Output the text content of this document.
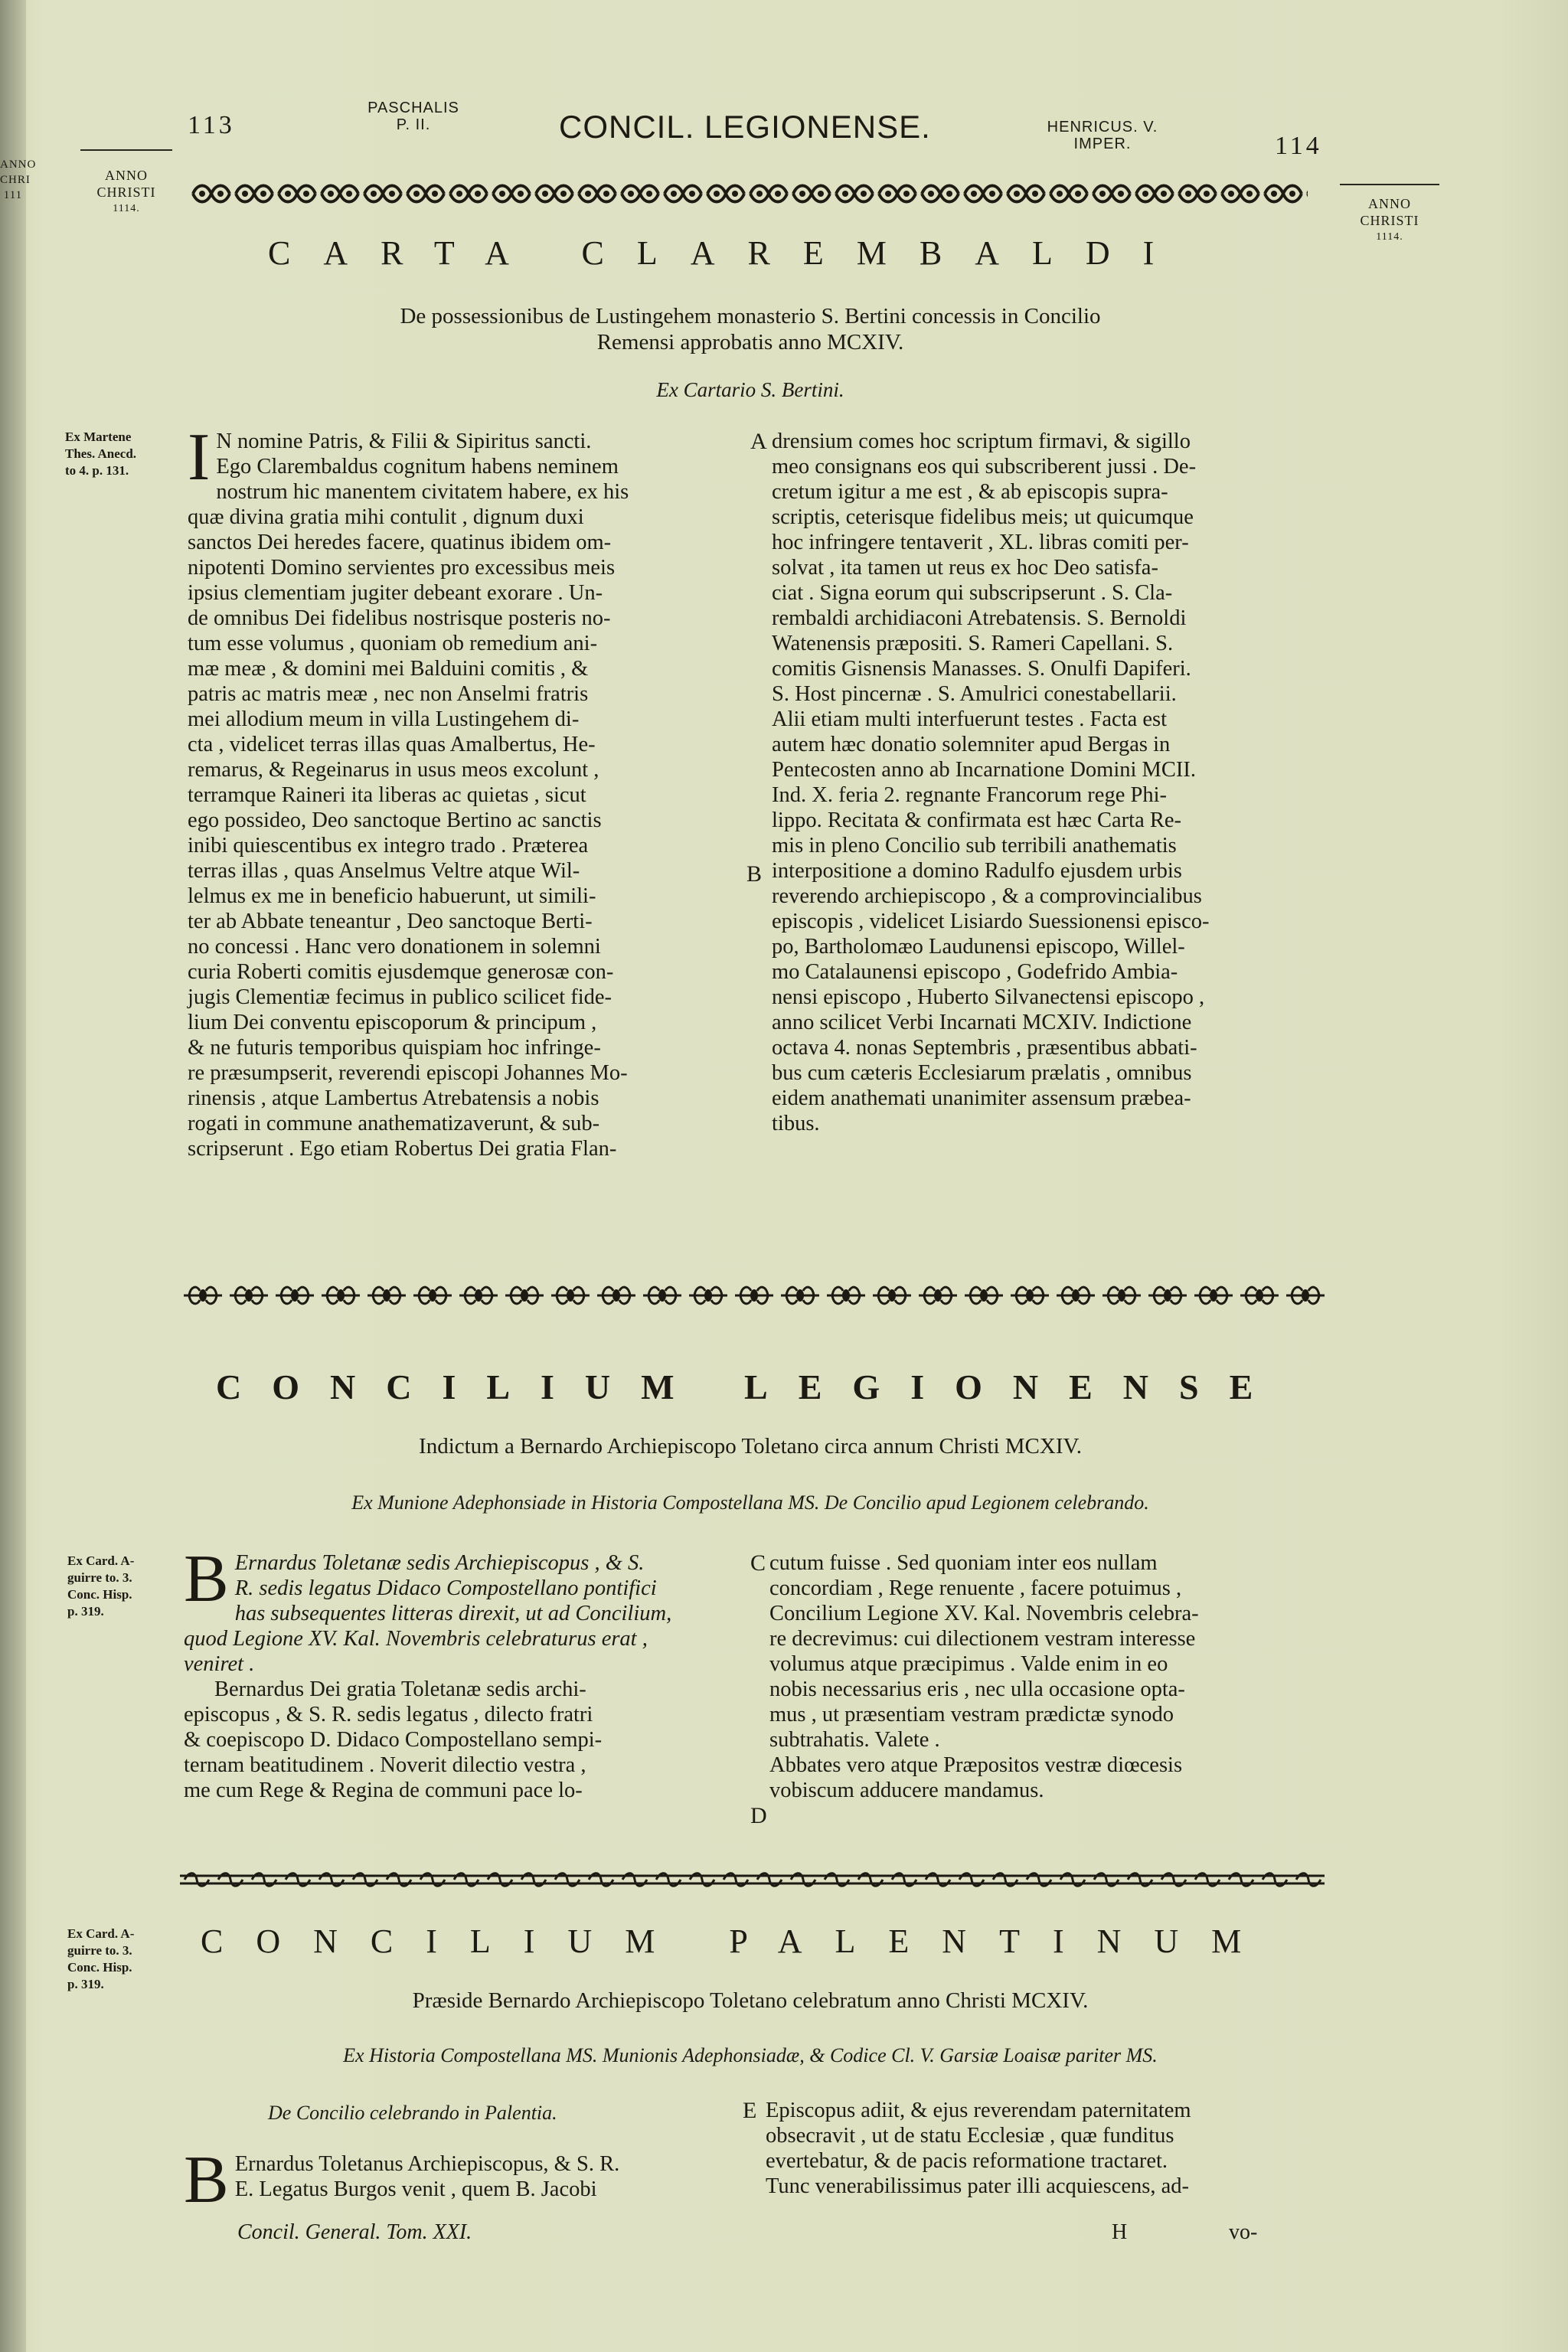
ANNO
CHRI
111
113
PASCHALIS
P. II.	CONCIL. LEGIONENSE.	HENRICUS. V.
IMPER.	114
ANNO
CHRISTI
1114.	ANNO
CHRISTI
1114.
CARTA CLAREMBALDI
De possessionibus de Lustingehem monasterio S. Bertini concessis in Concilio
Remensi approbatis anno MCXIV.
Ex Cartario S. Bertini.
Ex Martene
Thes. Anecd.
to 4. p. 131. I N nomine Patris, & Filii & Sipiritus sancti.
Ego Clarembaldus cognitum habens neminem
nostrum hic manentem civitatem habere, ex his
quæ divina gratia mihi contulit , dignum duxi
sanctos Dei heredes facere, quatinus ibidem om-
nipotenti Domino servientes pro excessibus meis
ipsius clementiam jugiter debeant exorare . Un-
de omnibus Dei fidelibus nostrisque posteris no-
tum esse volumus , quoniam ob remedium ani-
mæ meæ , & domini mei Balduini comitis , &
patris ac matris meæ , nec non Anselmi fratris
mei allodium meum in villa Lustingehem di-
cta , videlicet terras illas quas Amalbertus, He-
remarus, & Regeinarus in usus meos excolunt ,
terramque Raineri ita liberas ac quietas , sicut
ego possideo, Deo sanctoque Bertino ac sanctis
inibi quiescentibus ex integro trado . Præterea
terras illas , quas Anselmus Veltre atque Wil-
lelmus ex me in beneficio habuerunt, ut simili-
ter ab Abbate teneantur , Deo sanctoque Berti-
no concessi . Hanc vero donationem in solemni
curia Roberti comitis ejusdemque generosæ con-
jugis Clementiæ fecimus in publico scilicet fide-
lium Dei conventu episcoporum & principum ,
& ne futuris temporibus quispiam hoc infringe-
re præsumpserit, reverendi episcopi Johannes Mo-
rinensis , atque Lambertus Atrebatensis a nobis
rogati in commune anathematizaverunt, & sub-
scripserunt . Ego etiam Robertus Dei gratia Flan-
A
B
drensium comes hoc scriptum firmavi, & sigillo
meo consignans eos qui subscriberent jussi . De-
cretum igitur a me est , & ab episcopis supra-
scriptis, ceterisque fidelibus meis; ut quicumque
hoc infringere tentaverit , XL. libras comiti per-
solvat , ita tamen ut reus ex hoc Deo satisfa-
ciat . Signa eorum qui subscripserunt . S. Cla-
rembaldi archidiaconi Atrebatensis. S. Bernoldi
Watenensis præpositi. S. Rameri Capellani. S.
comitis Gisnensis Manasses. S. Onulfi Dapiferi.
S. Host pincernæ . S. Amulrici conestabellarii.
Alii etiam multi interfuerunt testes . Facta est
autem hæc donatio solemniter apud Bergas in
Pentecosten anno ab Incarnatione Domini MCII.
Ind. X. feria 2. regnante Francorum rege Phi-
lippo. Recitata & confirmata est hæc Carta Re-
mis in pleno Concilio sub terribili anathematis
interpositione a domino Radulfo ejusdem urbis
reverendo archiepiscopo , & a comprovincialibus
episcopis , videlicet Lisiardo Suessionensi episco-
po, Bartholomæo Laudunensi episcopo, Willel-
mo Catalaunensi episcopo , Godefrido Ambia-
nensi episcopo , Huberto Silvanectensi episcopo ,
anno scilicet Verbi Incarnati MCXIV. Indictione
octava 4. nonas Septembris , præsentibus abbati-
bus cum cæteris Ecclesiarum prælatis , omnibus
eidem anathemati unanimiter assensum præbea-
tibus.
CONCILIUM LEGIONENSE
Indictum a Bernardo Archiepiscopo Toletano circa annum Christi MCXIV.
Ex Munione Adephonsiade in Historia Compostellana MS. De Concilio apud Legionem celebrando.
Ex Card. A-
guirre to. 3.
Conc. Hisp.
p. 319.	B Ernardus Toletanæ sedis Archiepiscopus , & S.
R. sedis legatus Didaco Compostellano pontifici
has subsequentes litteras direxit, ut ad Concilium,
quod Legione XV. Kal. Novembris celebraturus erat ,
veniret .
Bernardus Dei gratia Toletanæ sedis archi-
episcopus , & S. R. sedis legatus , dilecto fratri
& coepiscopo D. Didaco Compostellano sempi-
ternam beatitudinem . Noverit dilectio vestra ,
me cum Rege & Regina de communi pace lo-
C
D
cutum fuisse . Sed quoniam inter eos nullam
concordiam , Rege renuente , facere potuimus ,
Concilium Legione XV. Kal. Novembris celebra-
re decrevimus: cui dilectionem vestram interesse
volumus atque præcipimus . Valde enim in eo
nobis necessarius eris , nec ulla occasione opta-
mus , ut præsentiam vestram prædictæ synodo
subtrahatis. Valete .
Abbates vero atque Præpositos vestræ diœcesis
vobiscum adducere mandamus.
Ex Card. A-
guirre to. 3.
Conc. Hisp.
p. 319.
CONCILIUM PALENTINUM
Præside Bernardo Archiepiscopo Toletano celebratum anno Christi MCXIV.
Ex Historia Compostellana MS. Munionis Adephonsiadæ, & Codice Cl. V. Garsiæ Loaisæ pariter MS.
De Concilio celebrando in Palentia.
B Ernardus Toletanus Archiepiscopus, & S. R.
E. Legatus Burgos venit , quem B. Jacobi
E Episcopus adiit, & ejus reverendam paternitatem
obsecravit , ut de statu Ecclesiæ , quæ funditus
evertebatur, & de pacis reformatione tractaret.
Tunc venerabilissimus pater illi acquiescens, ad-
Concil. General. Tom. XXI.	H	vo-
